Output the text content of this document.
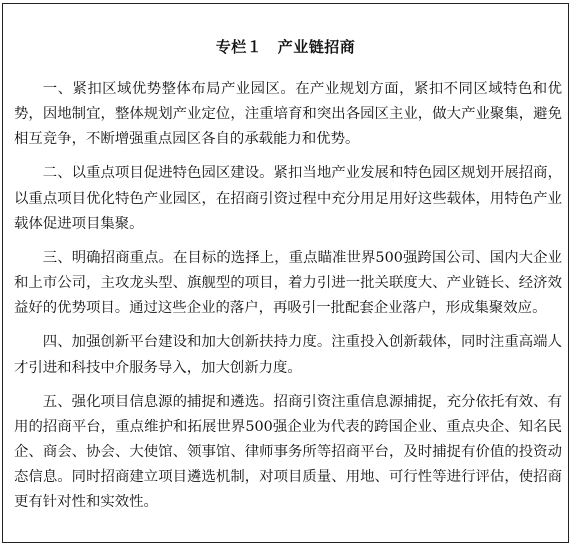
专栏１　产业链招商

一、紧扣区域优势整体布局产业园区。在产业规划方面，紧扣不同区域特色和优势，因地制宜，整体规划产业定位，注重培育和突出各园区主业，做大产业聚集，避免相互竞争，不断增强重点园区各自的承载能力和优势。

二、以重点项目促进特色园区建设。紧扣当地产业发展和特色园区规划开展招商，以重点项目优化特色产业园区，在招商引资过程中充分用足用好这些载体，用特色产业载体促进项目集聚。

三、明确招商重点。在目标的选择上，重点瞄准世界500强跨国公司、国内大企业和上市公司，主攻龙头型、旗舰型的项目，着力引进一批关联度大、产业链长、经济效益好的优势项目。通过这些企业的落户，再吸引一批配套企业落户，形成集聚效应。

四、加强创新平台建设和加大创新扶持力度。注重投入创新载体，同时注重高端人才引进和科技中介服务导入，加大创新力度。

五、强化项目信息源的捕捉和遴选。招商引资注重信息源捕捉，充分依托有效、有用的招商平台，重点维护和拓展世界500强企业为代表的跨国企业、重点央企、知名民企、商会、协会、大使馆、领事馆、律师事务所等招商平台，及时捕捉有价值的投资动态信息。同时招商建立项目遴选机制，对项目质量、用地、可行性等进行评估，使招商更有针对性和实效性。
